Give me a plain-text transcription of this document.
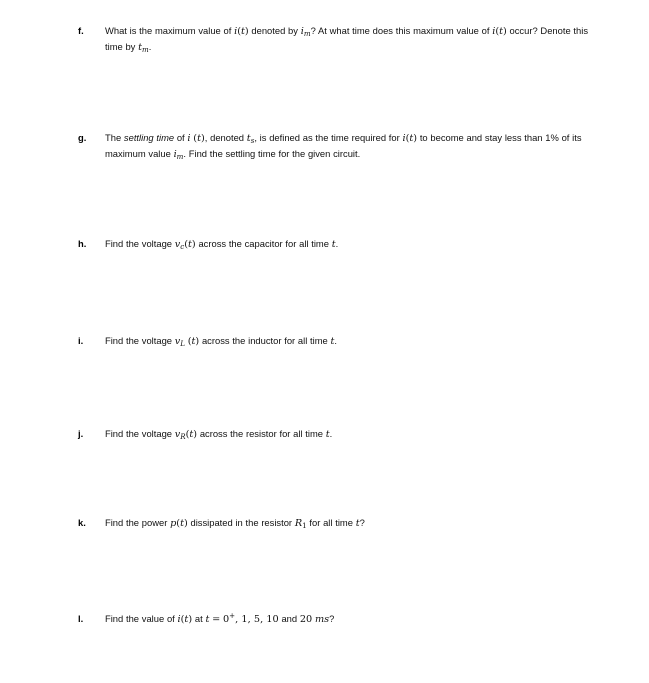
f.	What is the maximum value of i(t) denoted by $i_m$? At what time does this maximum value of i(t) occur? Denote this time by $t_m$.
g.	The settling time of i (t), denoted $t_s$, is defined as the time required for i(t) to become and stay less than 1% of its maximum value $i_m$. Find the settling time for the given circuit.
h.	Find the voltage $v_c(t)$ across the capacitor for all time t.
i.	Find the voltage $v_L$ (t) across the inductor for all time t.
j.	Find the voltage $v_R(t)$ across the resistor for all time t.
k.	Find the power p(t) dissipated in the resistor $R_1$ for all time t?
l.	Find the value of i(t) at t = 0+, 1, 5, 10 and 20 ms?
